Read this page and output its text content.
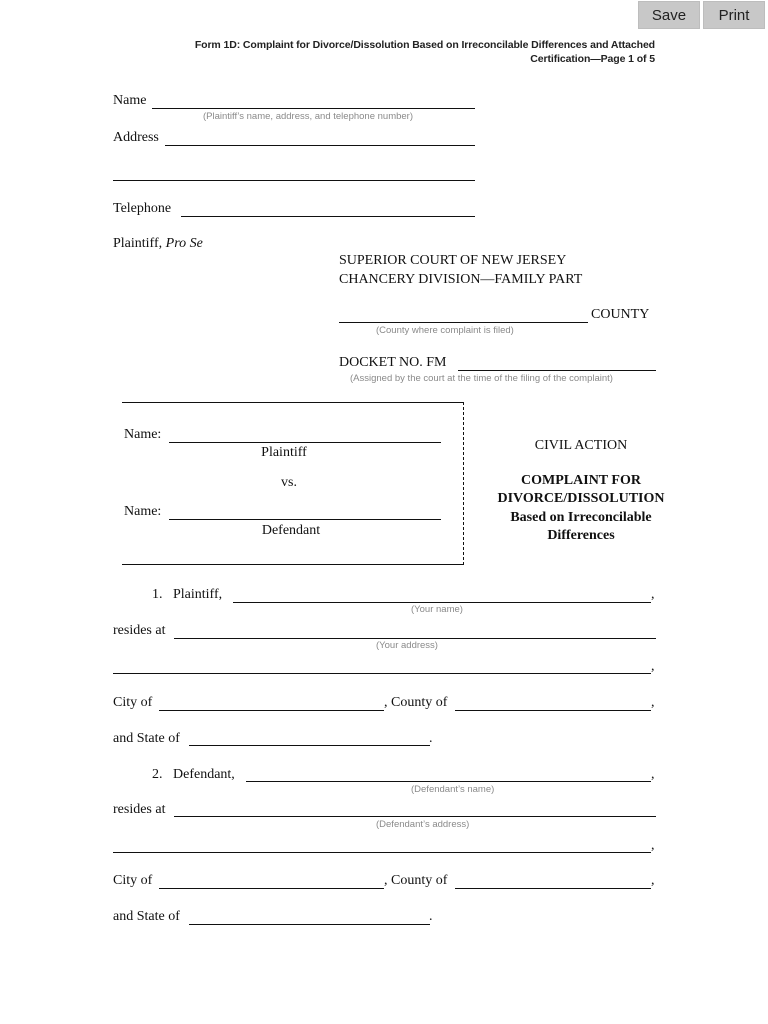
Save	Print
Form 1D: Complaint for Divorce/Dissolution Based on Irreconcilable Differences and Attached
Certification—Page 1 of 5
Name
(Plaintiff’s name, address, and telephone number)
Address
Telephone
Plaintiff, Pro Se
SUPERIOR COURT OF NEW JERSEY
CHANCERY DIVISION—FAMILY PART
COUNTY
(County where complaint is filed)
DOCKET NO. FM
(Assigned by the court at the time of the filing of the complaint)
Name:
Plaintiff
vs.
Name:
Defendant
CIVIL ACTION
COMPLAINT FOR
DIVORCE/DISSOLUTION
Based on Irreconcilable
Differences
1.   Plaintiff,	,
(Your name)
resides at
(Your address)
,
City of	, County of	,
and State of	.
2.   Defendant,	,
(Defendant’s name)
resides at
(Defendant’s address)
,
City of	, County of	,
and State of	.
